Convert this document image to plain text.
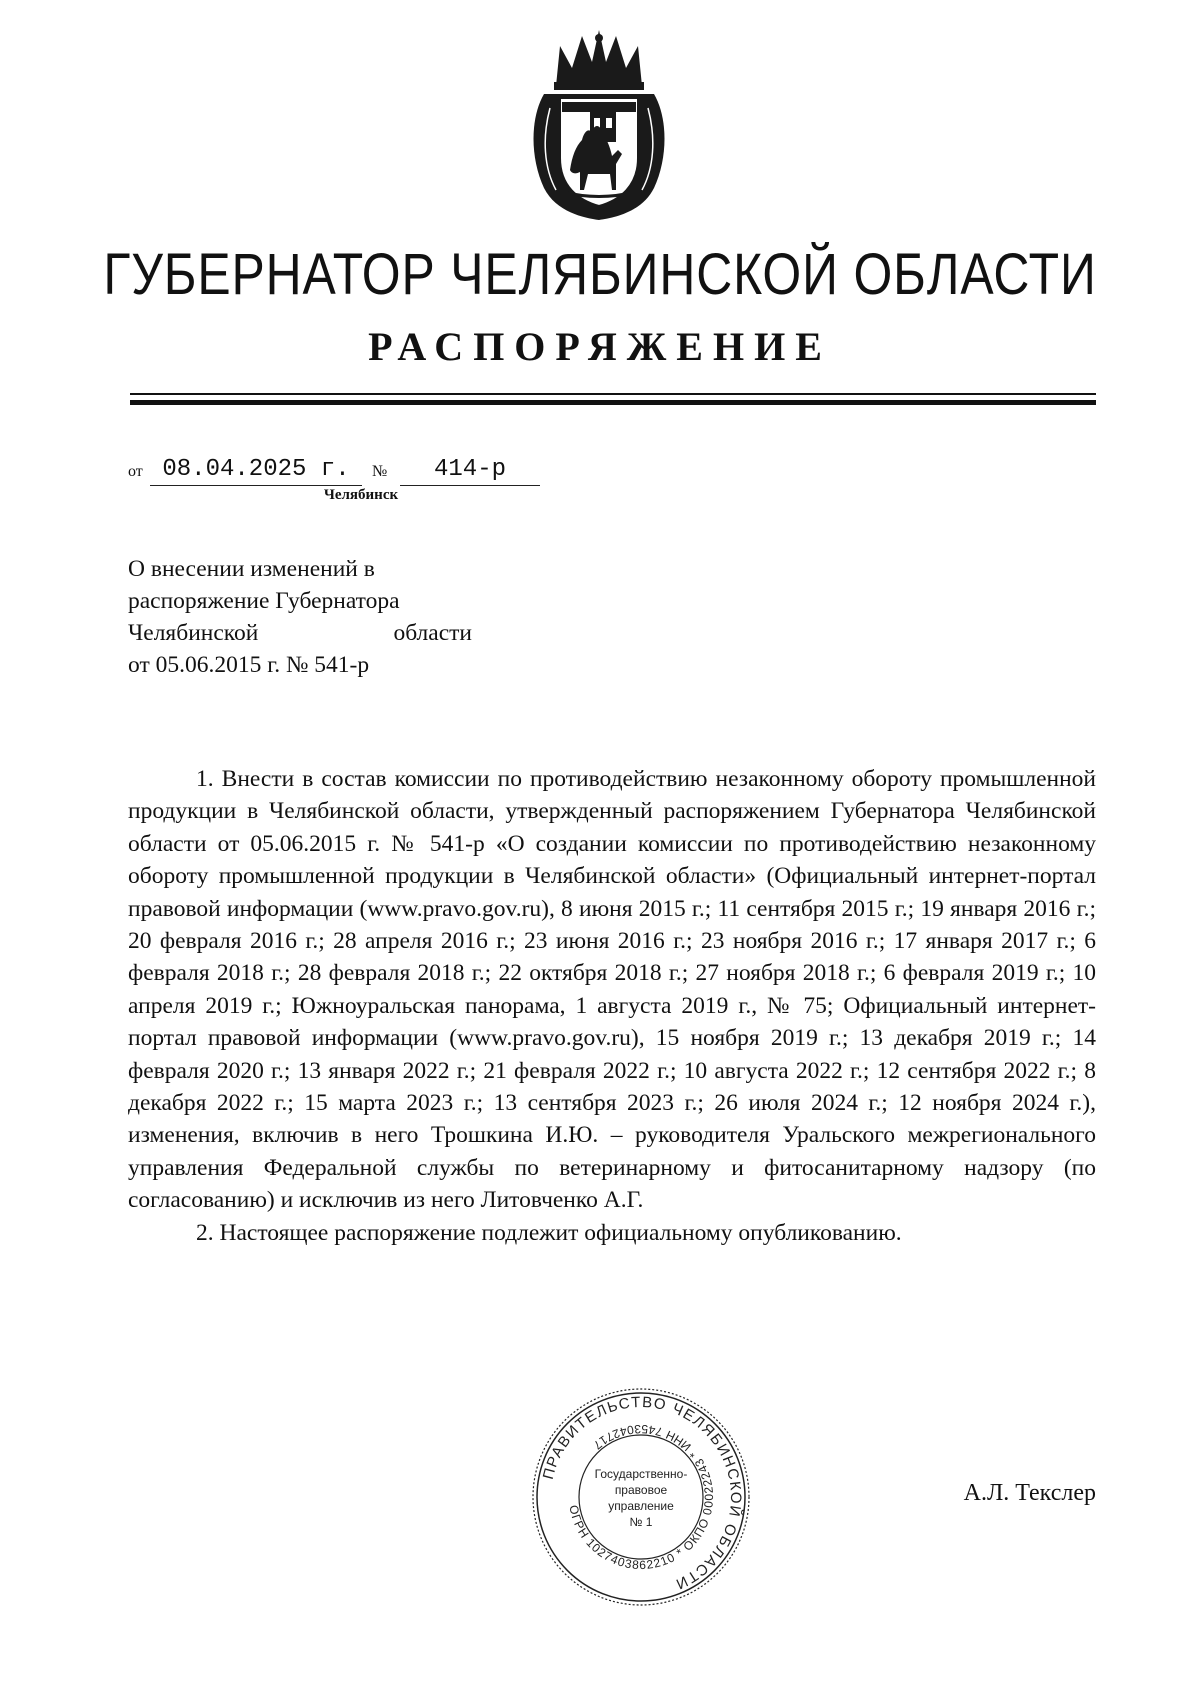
ГУБЕРНАТОР ЧЕЛЯБИНСКОЙ ОБЛАСТИ
РАСПОРЯЖЕНИЕ
от 08.04.2025 г.	№	414-р
Челябинск

О внесении изменений в

распоряжение Губернатора

Челябинской	области

от 05.06.2015 г. № 541-р

1. Внести в состав комиссии по противодействию незаконному обороту промышленной продукции в Челябинской области, утвержденный распоряжением Губернатора Челябинской области от 05.06.2015 г. № 541-р «О создании комиссии по противодействию незаконному обороту промышленной продукции в Челябинской области» (Официальный интернет-портал правовой информации (www.pravo.gov.ru), 8 июня 2015 г.; 11 сентября 2015 г.; 19 января 2016 г.; 20 февраля 2016 г.; 28 апреля 2016 г.; 23 июня 2016 г.; 23 ноября 2016 г.; 17 января 2017 г.; 6 февраля 2018 г.; 28 февраля 2018 г.; 22 октября 2018 г.; 27 ноября 2018 г.; 6 февраля 2019 г.; 10 апреля 2019 г.; Южноуральская панорама, 1 августа 2019 г., № 75; Официальный интернет-портал правовой информации (www.pravo.gov.ru), 15 ноября 2019 г.; 13 декабря 2019 г.; 14 февраля 2020 г.; 13 января 2022 г.; 21 февраля 2022 г.; 10 августа 2022 г.; 12 сентября 2022 г.; 8 декабря 2022 г.; 15 марта 2023 г.; 13 сентября 2023 г.; 26 июля 2024 г.; 12 ноября 2024 г.), изменения, включив в него Трошкина И.Ю. – руководителя Уральского межрегионального управления Федеральной службы по ветеринарному и фитосанитарному надзору (по согласованию) и исключив из него Литовченко А.Г.

2. Настоящее распоряжение подлежит официальному опубликованию.

ПРАВИТЕЛЬСТВО ЧЕЛЯБИНСКОЙ ОБЛАСТИ
ОГРН 1027403862210 * ОКПО 00022243 * ИНН 7453042717
Государственно-
правовое
управление
№ 1
А.Л. Текслер
